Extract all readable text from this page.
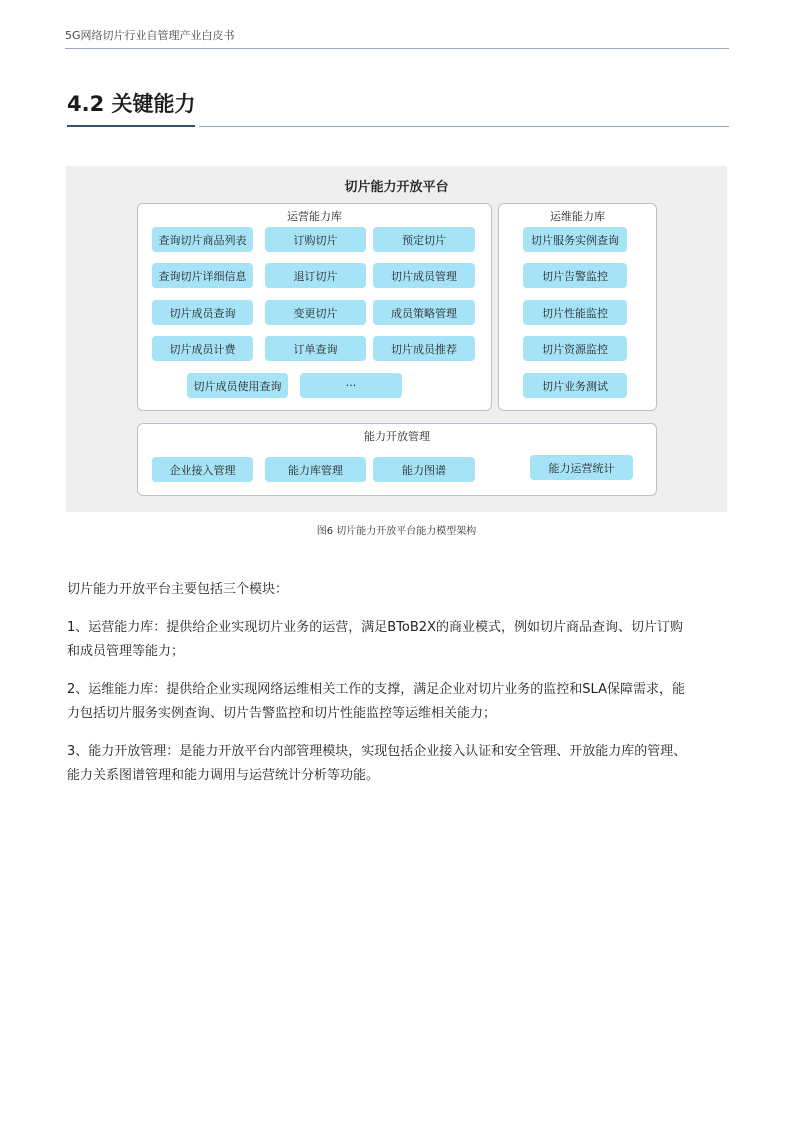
5G网络切片行业自管理产业白皮书
4.2 关键能力
切片能力开放平台
运营能力库
查询切片商品列表	订购切片	预定切片
查询切片详细信息	退订切片	切片成员管理
切片成员查询	变更切片	成员策略管理
切片成员计费	订单查询	切片成员推荐
切片成员使用查询	···
运维能力库
切片服务实例查询
切片告警监控
切片性能监控
切片资源监控
切片业务测试
能力开放管理
企业接入管理	能力库管理	能力图谱	能力运营统计
图6 切片能力开放平台能力模型架构
切片能力开放平台主要包括三个模块：
1、运营能力库：提供给企业实现切片业务的运营，满足BToB2X的商业模式，例如切片商品查询、切片订购
和成员管理等能力；
2、运维能力库：提供给企业实现网络运维相关工作的支撑，满足企业对切片业务的监控和SLA保障需求，能
力包括切片服务实例查询、切片告警监控和切片性能监控等运维相关能力；
3、能力开放管理：是能力开放平台内部管理模块，实现包括企业接入认证和安全管理、开放能力库的管理、
能力关系图谱管理和能力调用与运营统计分析等功能。
